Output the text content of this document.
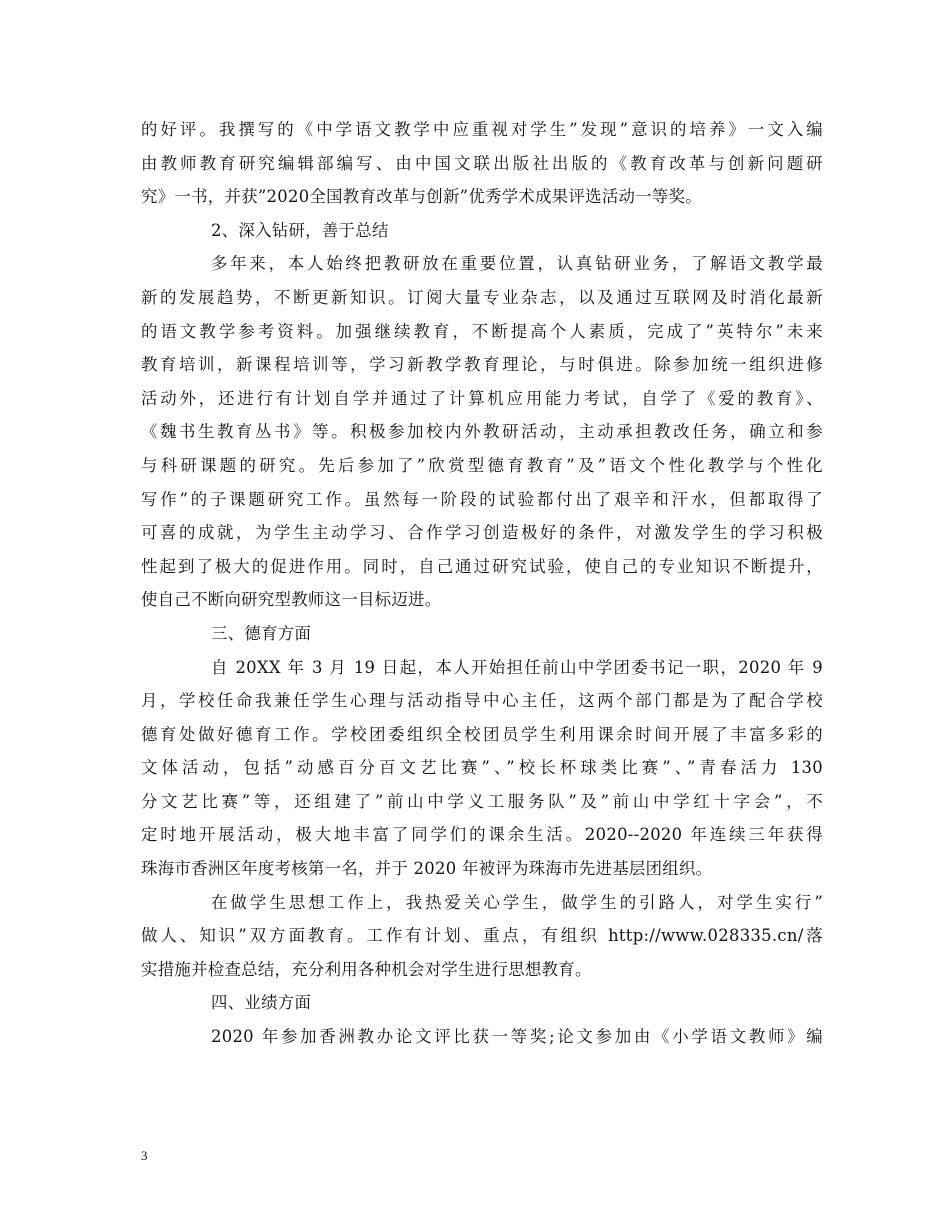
的好评。我撰写的《中学语文教学中应重视对学生”发现”意识的培养》一文入编
由教师教育研究编辑部编写、由中国文联出版社出版的《教育改革与创新问题研
究》一书，并获”2020全国教育改革与创新”优秀学术成果评选活动一等奖。
2、深入钻研，善于总结
多年来，本人始终把教研放在重要位置，认真钻研业务，了解语文教学最
新的发展趋势，不断更新知识。订阅大量专业杂志，以及通过互联网及时消化最新
的语文教学参考资料。加强继续教育，不断提高个人素质，完成了”英特尔”未来
教育培训，新课程培训等，学习新教学教育理论，与时俱进。除参加统一组织进修
活动外，还进行有计划自学并通过了计算机应用能力考试，自学了《爱的教育》、
《魏书生教育丛书》等。积极参加校内外教研活动，主动承担教改任务，确立和参
与科研课题的研究。先后参加了”欣赏型德育教育”及”语文个性化教学与个性化
写作”的子课题研究工作。虽然每一阶段的试验都付出了艰辛和汗水，但都取得了
可喜的成就，为学生主动学习、合作学习创造极好的条件，对激发学生的学习积极
性起到了极大的促进作用。同时，自己通过研究试验，使自己的专业知识不断提升，
使自己不断向研究型教师这一目标迈进。
三、德育方面
自 20XX 年 3 月 19 日起，本人开始担任前山中学团委书记一职，2020 年 9
月，学校任命我兼任学生心理与活动指导中心主任，这两个部门都是为了配合学校
德育处做好德育工作。学校团委组织全校团员学生利用课余时间开展了丰富多彩的
文体活动，包括”动感百分百文艺比赛”、”校长杯球类比赛”、”青春活力 130
分文艺比赛”等，还组建了”前山中学义工服务队”及”前山中学红十字会”，不
定时地开展活动，极大地丰富了同学们的课余生活。2020--2020 年连续三年获得
珠海市香洲区年度考核第一名，并于 2020 年被评为珠海市先进基层团组织。
在做学生思想工作上，我热爱关心学生，做学生的引路人，对学生实行”
做人、知识”双方面教育。工作有计划、重点，有组织 http://www.028335.cn/落
实措施并检查总结，充分利用各种机会对学生进行思想教育。
四、业绩方面
2020 年参加香洲教办论文评比获一等奖;论文参加由《小学语文教师》编
3
